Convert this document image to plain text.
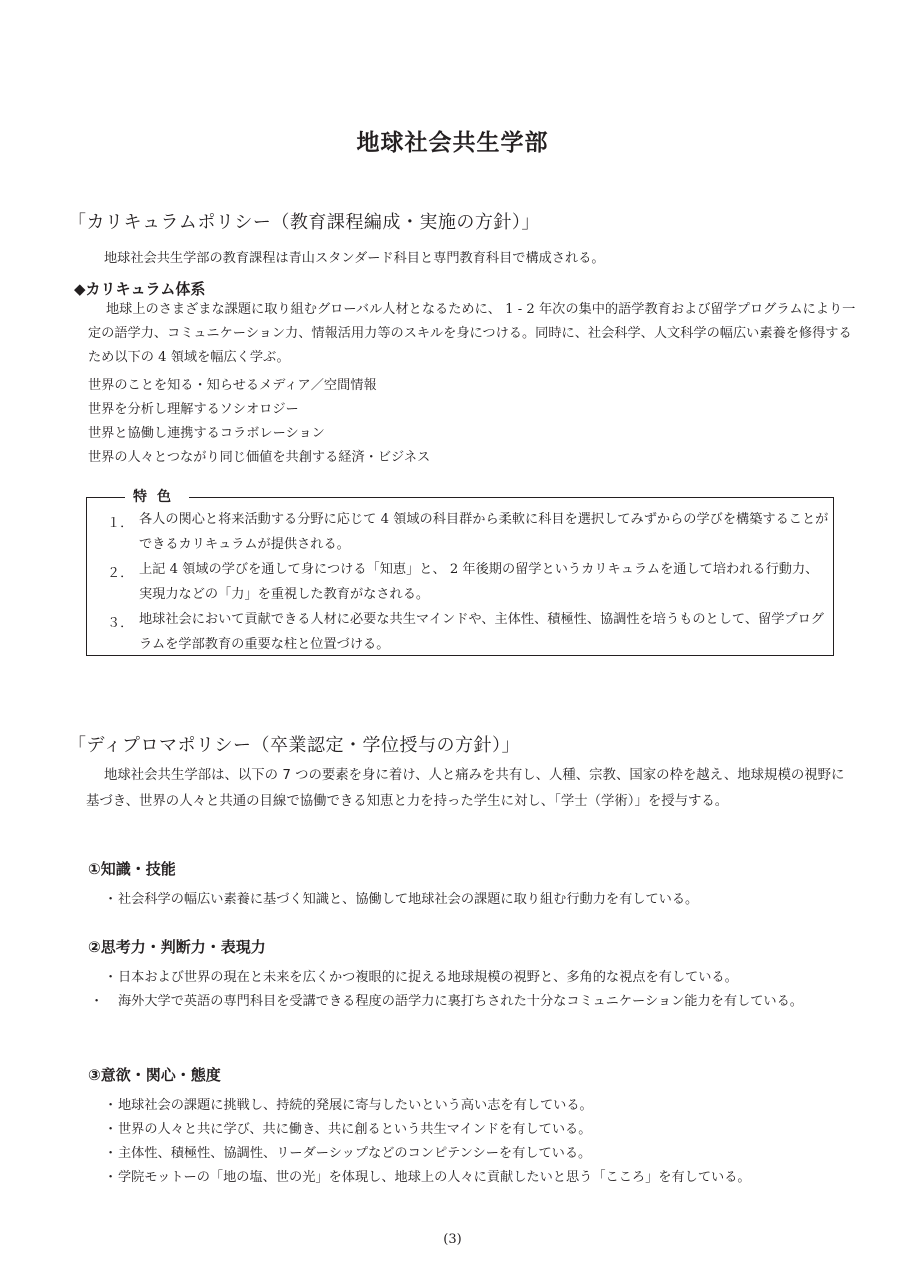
地球社会共生学部
「カリキュラムポリシー（教育課程編成・実施の方針）」
地球社会共生学部の教育課程は青山スタンダード科目と専門教育科目で構成される。
◆カリキュラム体系

地球上のさまざまな課題に取り組むグローバル人材となるために、 1 - 2 年次の集中的語学教育および留学プログラムにより一定の語学力、コミュニケーション力、情報活用力等のスキルを身につける。同時に、社会科学、人文科学の幅広い素養を修得するため以下の 4 領域を幅広く学ぶ。

世界のことを知る・知らせるメディア／空間情報
世界を分析し理解するソシオロジー
世界と協働し連携するコラボレーション
世界の人々とつながり同じ価値を共創する経済・ビジネス
特色
１． 各人の関心と将来活動する分野に応じて 4 領域の科目群から柔軟に科目を選択してみずからの学びを構築することができるカリキュラムが提供される。

２． 上記 4 領域の学びを通して身につける「知恵」と、 2 年後期の留学というカリキュラムを通して培われる行動力、実現力などの「力」を重視した教育がなされる。

３． 地球社会において貢献できる人材に必要な共生マインドや、主体性、積極性、協調性を培うものとして、留学プログラムを学部教育の重要な柱と位置づける。

「ディプロマポリシー（卒業認定・学位授与の方針）」

地球社会共生学部は、以下の 7 つの要素を身に着け、人と痛みを共有し、人種、宗教、国家の枠を越え、地球規模の視野に基づき、世界の人々と共通の目線で協働できる知恵と力を持った学生に対し、「学士（学術）」を授与する。

①知識・技能

・社会科学の幅広い素養に基づく知識と、協働して地球社会の課題に取り組む行動力を有している。

②思考力・判断力・表現力

・日本および世界の現在と未来を広くかつ複眼的に捉える地球規模の視野と、多角的な視点を有している。

・ 海外大学で英語の専門科目を受講できる程度の語学力に裏打ちされた十分なコミュニケーション能力を有している。

③意欲・関心・態度

・地球社会の課題に挑戦し、持続的発展に寄与したいという高い志を有している。

・世界の人々と共に学び、共に働き、共に創るという共生マインドを有している。

・主体性、積極性、協調性、リーダーシップなどのコンピテンシーを有している。

・学院モットーの「地の塩、世の光」を体現し、地球上の人々に貢献したいと思う「こころ」を有している。

(3)
